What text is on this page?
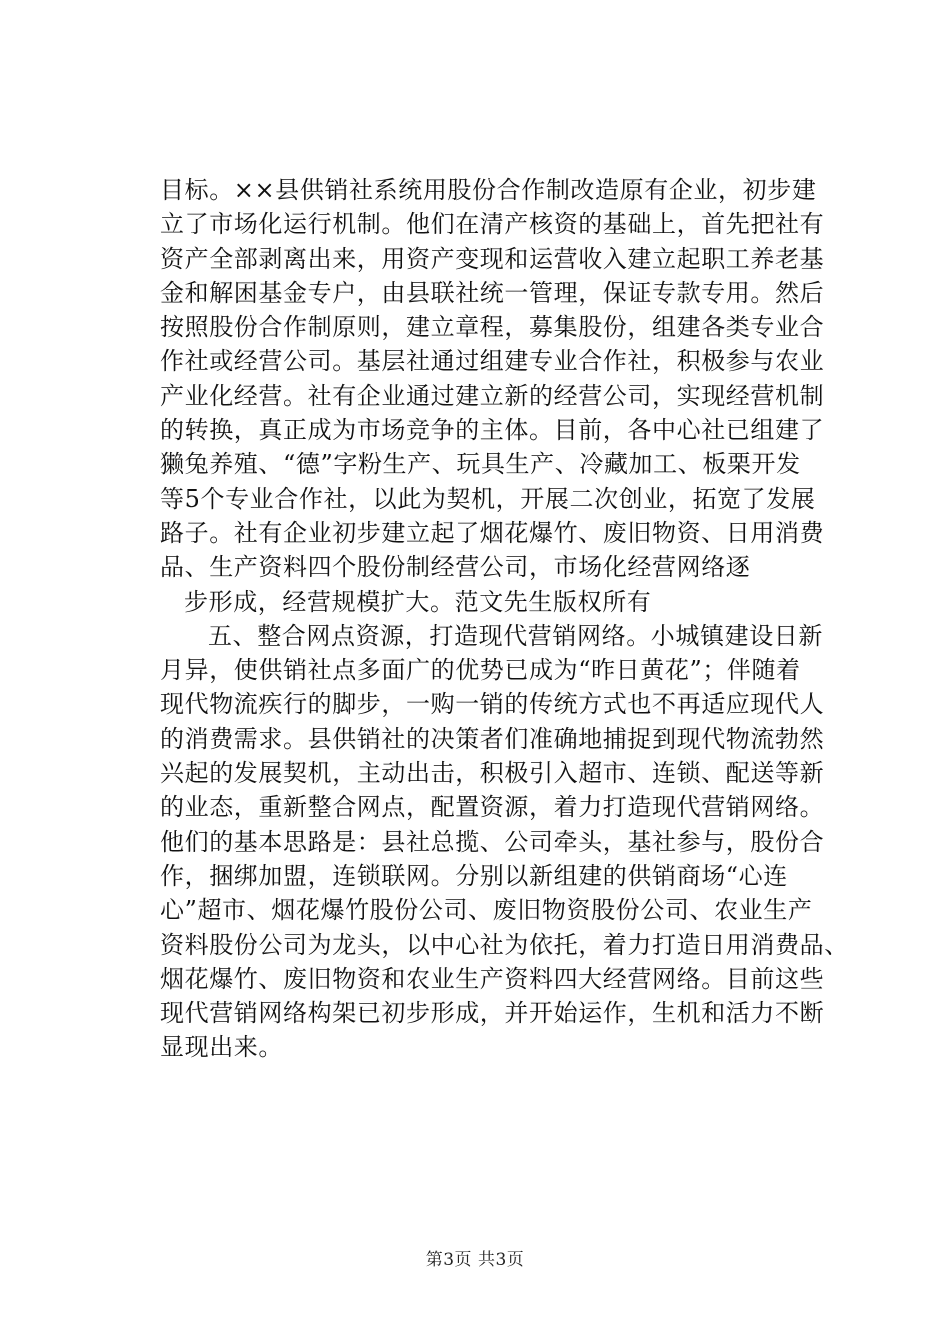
目标。××县供销社系统用股份合作制改造原有企业，初步建
立了市场化运行机制。他们在清产核资的基础上，首先把社有
资产全部剥离出来，用资产变现和运营收入建立起职工养老基
金和解困基金专户，由县联社统一管理，保证专款专用。然后
按照股份合作制原则，建立章程，募集股份，组建各类专业合
作社或经营公司。基层社通过组建专业合作社，积极参与农业
产业化经营。社有企业通过建立新的经营公司，实现经营机制
的转换，真正成为市场竞争的主体。目前，各中心社已组建了
獭兔养殖、“德”字粉生产、玩具生产、冷藏加工、板栗开发
等5个专业合作社，以此为契机，开展二次创业，拓宽了发展
路子。社有企业初步建立起了烟花爆竹、废旧物资、日用消费
品、生产资料四个股份制经营公司，市场化经营网络逐
步形成，经营规模扩大。范文先生版权所有
五、整合网点资源，打造现代营销网络。小城镇建设日新
月异，使供销社点多面广的优势已成为“昨日黄花”；伴随着
现代物流疾行的脚步，一购一销的传统方式也不再适应现代人
的消费需求。县供销社的决策者们准确地捕捉到现代物流勃然
兴起的发展契机，主动出击，积极引入超市、连锁、配送等新
的业态，重新整合网点，配置资源，着力打造现代营销网络。
他们的基本思路是：县社总揽、公司牵头，基社参与，股份合
作，捆绑加盟，连锁联网。分别以新组建的供销商场“心连
心”超市、烟花爆竹股份公司、废旧物资股份公司、农业生产
资料股份公司为龙头，以中心社为依托，着力打造日用消费品、
烟花爆竹、废旧物资和农业生产资料四大经营网络。目前这些
现代营销网络构架已初步形成，并开始运作，生机和活力不断
显现出来。
第3页 共3页
